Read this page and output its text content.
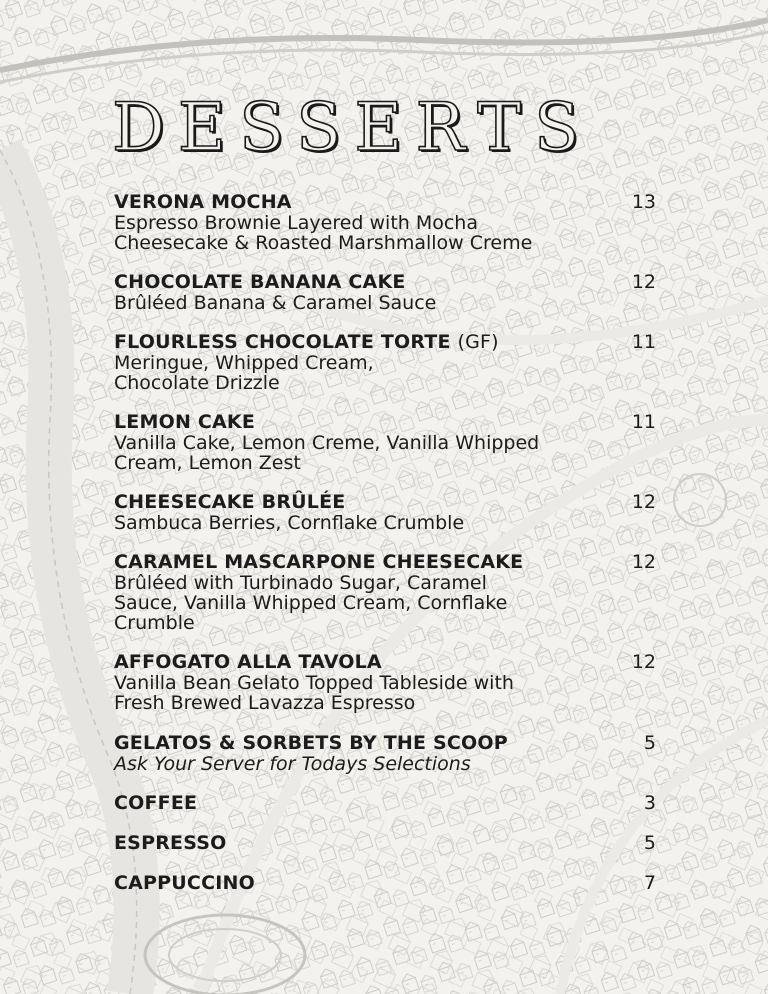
DESSERTS
VERONA MOCHA	13
Espresso Brownie Layered with Mocha
Cheesecake & Roasted Marshmallow Creme
CHOCOLATE BANANA CAKE	12
Brûléed Banana & Caramel Sauce
FLOURLESS CHOCOLATE TORTE (GF)	11
Meringue, Whipped Cream,
Chocolate Drizzle
LEMON CAKE	11
Vanilla Cake, Lemon Creme, Vanilla Whipped
Cream, Lemon Zest
CHEESECAKE BRÛLÉE	12
Sambuca Berries, Cornflake Crumble
CARAMEL MASCARPONE CHEESECAKE	12
Brûléed with Turbinado Sugar, Caramel
Sauce, Vanilla Whipped Cream, Cornflake
Crumble
AFFOGATO ALLA TAVOLA	12
Vanilla Bean Gelato Topped Tableside with
Fresh Brewed Lavazza Espresso
GELATOS & SORBETS BY THE SCOOP	5
Ask Your Server for Todays Selections
COFFEE	3
ESPRESSO	5
CAPPUCCINO	7
